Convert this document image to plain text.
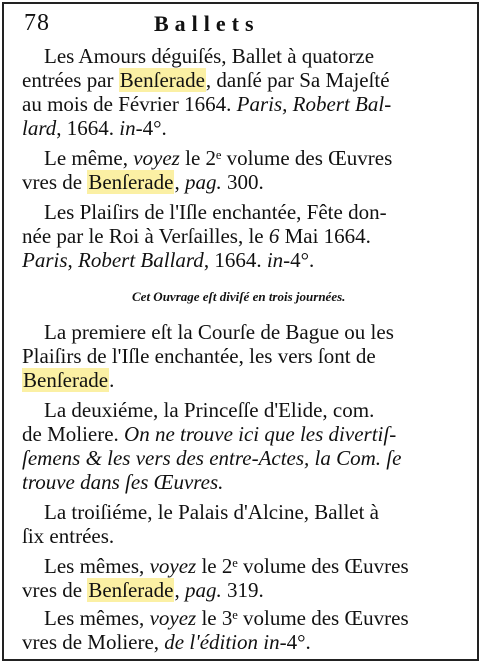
78	Ballets
Les Amours déguiſés, Ballet à quatorze
entrées par Benſerade, danſé par Sa Majeſté
au mois de Février 1664. Paris, Robert Bal-
lard, 1664. in-4°.
Le même, voyez le 2ᵉ volume des Œuvres
vres de Benſerade, pag. 300.
Les Plaiſirs de l'Iſle enchantée, Fête don-
née par le Roi à Verſailles, le 6 Mai 1664.
Paris, Robert Ballard, 1664. in-4°.
Cet Ouvrage eſt diviſé en trois journées.
La premiere eſt la Courſe de Bague ou les
Plaiſirs de l'Iſle enchantée, les vers ſont de
Benſerade.
La deuxiéme, la Princeſſe d'Elide, com.
de Moliere. On ne trouve ici que les divertiſ-
ſemens & les vers des entre-Actes, la Com. ſe
trouve dans ſes Œuvres.
La troiſiéme, le Palais d'Alcine, Ballet à
ſix entrées.
Les mêmes, voyez le 2ᵉ volume des Œuvres
vres de Benſerade, pag. 319.
Les mêmes, voyez le 3ᵉ volume des Œuvres
vres de Moliere, de l'édition in-4°.
